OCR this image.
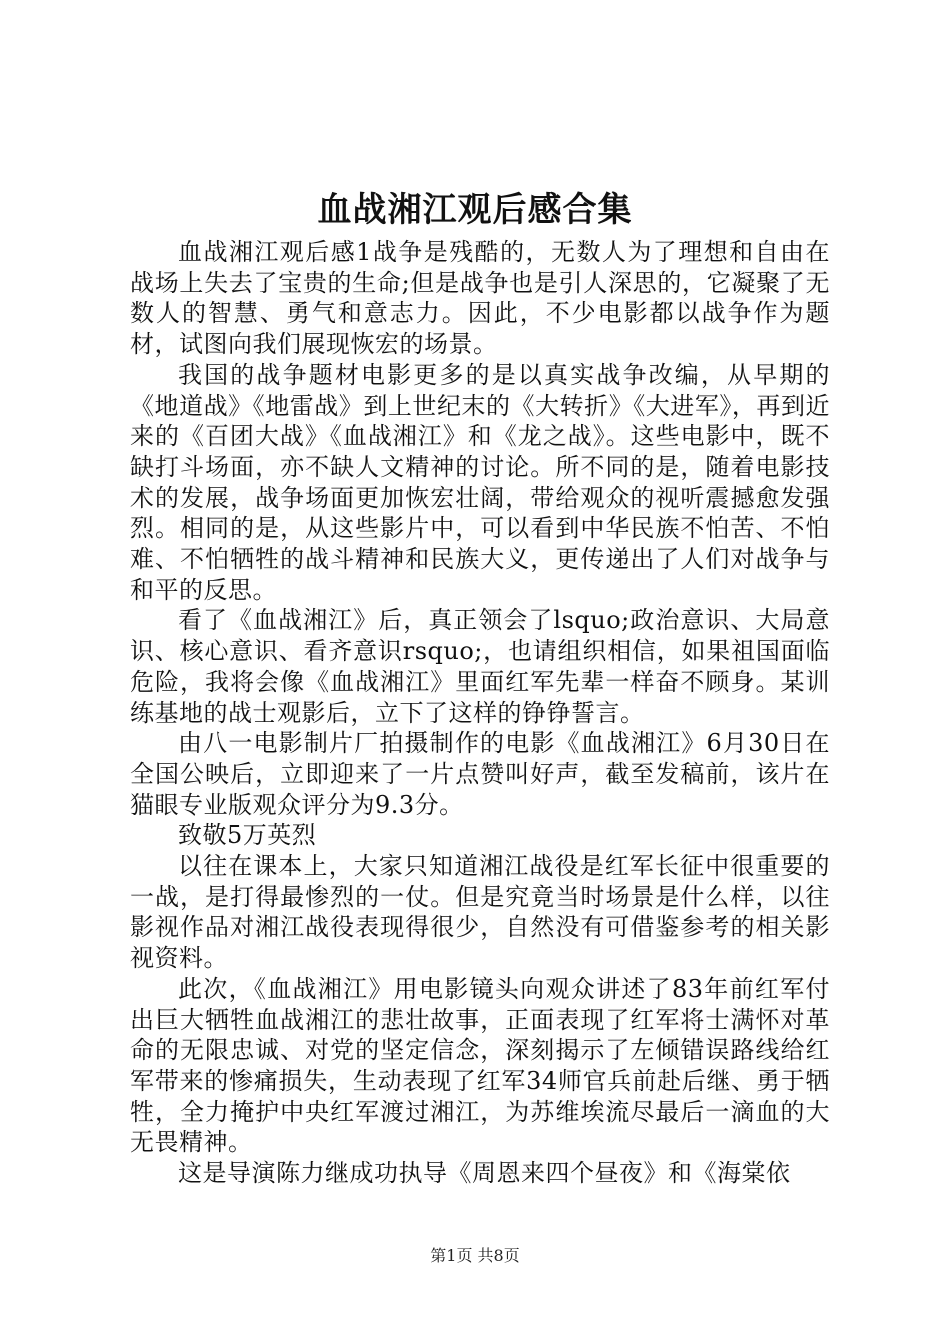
血战湘江观后感合集

血战湘江观后感1战争是残酷的，无数人为了理想和自由在战场上失去了宝贵的生命;但是战争也是引人深思的，它凝聚了无数人的智慧、勇气和意志力。因此，不少电影都以战争作为题材，试图向我们展现恢宏的场景。

我国的战争题材电影更多的是以真实战争改编，从早期的《地道战》《地雷战》到上世纪末的《大转折》《大进军》，再到近来的《百团大战》《血战湘江》和《龙之战》。这些电影中，既不缺打斗场面，亦不缺人文精神的讨论。所不同的是，随着电影技术的发展，战争场面更加恢宏壮阔，带给观众的视听震撼愈发强烈。相同的是，从这些影片中，可以看到中华民族不怕苦、不怕难、不怕牺牲的战斗精神和民族大义，更传递出了人们对战争与和平的反思。

看了《血战湘江》后，真正领会了lsquo;政治意识、大局意识、核心意识、看齐意识rsquo;，也请组织相信，如果祖国面临危险，我将会像《血战湘江》里面红军先辈一样奋不顾身。某训练基地的战士观影后，立下了这样的铮铮誓言。

由八一电影制片厂拍摄制作的电影《血战湘江》6月30日在全国公映后，立即迎来了一片点赞叫好声，截至发稿前，该片在猫眼专业版观众评分为9.3分。

致敬5万英烈

以往在课本上，大家只知道湘江战役是红军长征中很重要的一战，是打得最惨烈的一仗。但是究竟当时场景是什么样，以往影视作品对湘江战役表现得很少，自然没有可借鉴参考的相关影视资料。

此次，《血战湘江》用电影镜头向观众讲述了83年前红军付出巨大牺牲血战湘江的悲壮故事，正面表现了红军将士满怀对革命的无限忠诚、对党的坚定信念，深刻揭示了左倾错误路线给红军带来的惨痛损失，生动表现了红军34师官兵前赴后继、勇于牺牲，全力掩护中央红军渡过湘江，为苏维埃流尽最后一滴血的大无畏精神。

这是导演陈力继成功执导《周恩来四个昼夜》和《海棠依

第1页 共8页
